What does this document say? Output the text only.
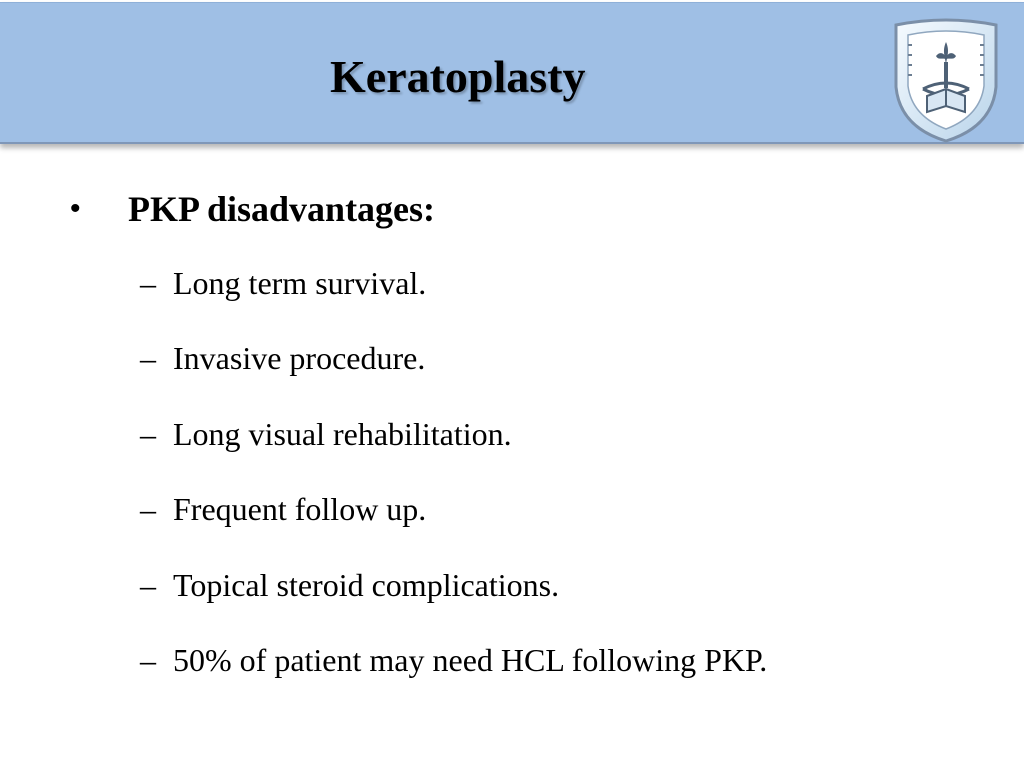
Keratoplasty
•	PKP disadvantages:
– Long term survival.
– Invasive procedure.
– Long visual rehabilitation.
– Frequent follow up.
– Topical steroid complications.
– 50% of patient may need HCL following PKP.
